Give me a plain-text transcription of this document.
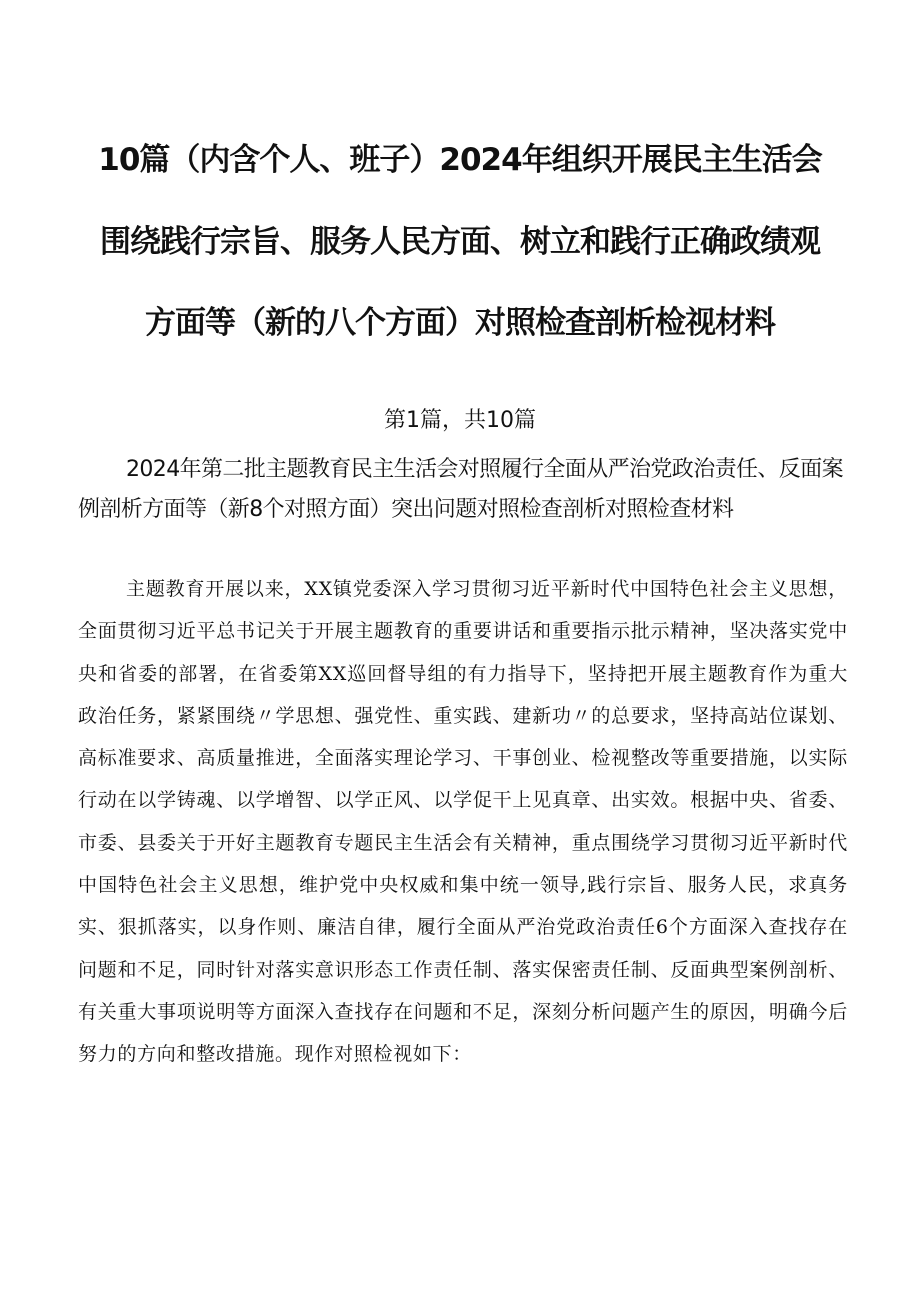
10篇（内含个人、班子）2024年组织开展民主生活会
围绕践行宗旨、服务人民方面、树立和践行正确政绩观
方面等（新的八个方面）对照检查剖析检视材料
第1篇，共10篇
2024年第二批主题教育民主生活会对照履行全面从严治党政治责任、反面案例剖析方面等（新8个对照方面）突出问题对照检查剖析对照检查材料
主题教育开展以来，XX镇党委深入学习贯彻习近平新时代中国特色社会主义思想，全面贯彻习近平总书记关于开展主题教育的重要讲话和重要指示批示精神，坚决落实党中央和省委的部署，在省委第XX巡回督导组的有力指导下，坚持把开展主题教育作为重大政治任务，紧紧围绕〃学思想、强党性、重实践、建新功〃的总要求，坚持高站位谋划、高标准要求、高质量推进，全面落实理论学习、干事创业、检视整改等重要措施，以实际行动在以学铸魂、以学增智、以学正风、以学促干上见真章、出实效。根据中央、省委、市委、县委关于开好主题教育专题民主生活会有关精神，重点围绕学习贯彻习近平新时代中国特色社会主义思想，维护党中央权威和集中统一领导,践行宗旨、服务人民，求真务实、狠抓落实，以身作则、廉洁自律，履行全面从严治党政治责任6个方面深入查找存在问题和不足，同时针对落实意识形态工作责任制、落实保密责任制、反面典型案例剖析、有关重大事项说明等方面深入查找存在问题和不足，深刻分析问题产生的原因，明确今后努力的方向和整改措施。现作对照检视如下：
